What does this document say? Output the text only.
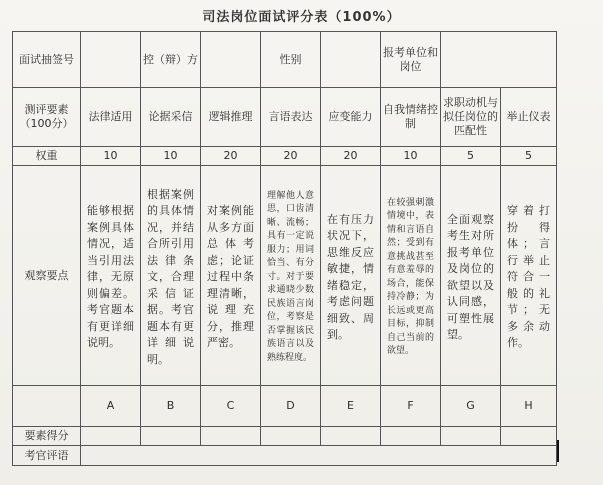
司法岗位面试评分表（100%）
面试抽签号		控（辩）方		性别		报考单位和岗位		
测评要素（100分）	法律适用	论据采信	逻辑推理	言语表达	应变能力	自我情绪控制	求职动机与拟任岗位的匹配性	举止仪表
权重	10	10	20	20	20	10	5	5
观察要点	能够根据案例具体情况，适当引用法律，无原则偏差。考官题本有更详细说明。	根据案例的具体情况，并结合所引用法律条文，合理采信证据。考官题本有更详细说明。	对案例能从多方面总体考虑；论证过程中条理清晰，说理充分，推理严密。	理解他人意思，口齿清晰、流畅；具有一定说服力；用词恰当、有分寸。对于要求通晓少数民族语言岗位，考察是否掌握该民族语言以及熟练程度。	在有压力状况下，思维反应敏捷，情绪稳定，考虑问题细致、周到。	在较强刺激情境中，表情和言语自然；受到有意挑战甚至有意羞辱的场合，能保持冷静；为长远或更高目标，抑制自己当前的欲望。	全面观察考生对所报考单位及岗位的欲望以及认同感，可塑性展望。	穿着打扮得体；言行举止符合一般的礼节；无多余动作。

	A	B	C	D	E	F	G	H
要素得分								
考官评语								
